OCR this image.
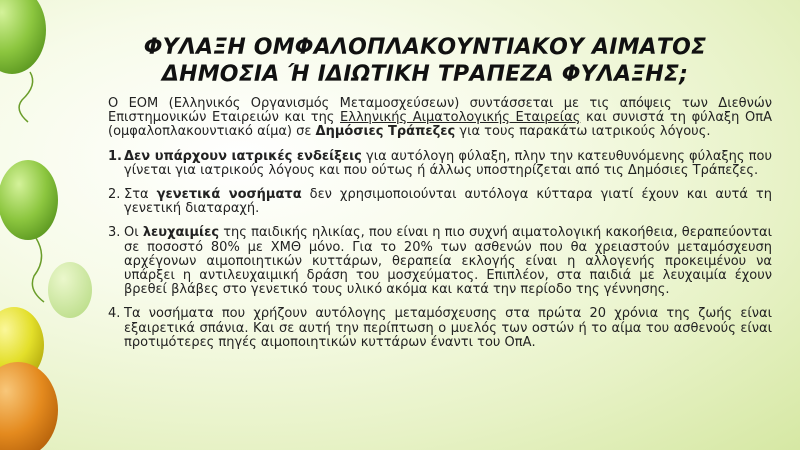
ΦΥΛΑΞΗ ΟΜΦΑΛΟΠΛΑΚΟΥΝΤΙΑΚΟΥ ΑΙΜΑΤΟΣ
ΔΗΜΟΣΙΑ Ή ΙΔΙΩΤΙΚΗ ΤΡΑΠΕΖΑ ΦΥΛΑΞΗΣ;

Ο ΕΟΜ (Ελληνικός Οργανισμός Μεταμοσχεύσεων) συντάσσεται με τις απόψεις των Διεθνών Επιστημονικών Εταιρειών και της Ελληνικής Αιματολογικής Εταιρείας και συνιστά τη φύλαξη ΟπΑ (ομφαλοπλακουντιακό αίμα) σε Δημόσιες Τράπεζες για τους παρακάτω ιατρικούς λόγους.

1. Δεν υπάρχουν ιατρικές ενδείξεις για αυτόλογη φύλαξη, πλην την κατευθυνόμενης φύλαξης που γίνεται για ιατρικούς λόγους και που ούτως ή άλλως υποστηρίζεται από τις Δημόσιες Τράπεζες.
2. Στα γενετικά νοσήματα δεν χρησιμοποιούνται αυτόλογα κύτταρα γιατί έχουν και αυτά τη γενετική διαταραχή.
3. Οι λευχαιμίες της παιδικής ηλικίας, που είναι η πιο συχνή αιματολογική κακοήθεια, θεραπεύονται σε ποσοστό 80% με ΧΜΘ μόνο. Για το 20% των ασθενών που θα χρειαστούν μεταμόσχευση αρχέγονων αιμοποιητικών κυττάρων, θεραπεία εκλογής είναι η αλλογενής προκειμένου να υπάρξει η αντιλευχαιμική δράση του μοσχεύματος. Επιπλέον, στα παιδιά με λευχαιμία έχουν βρεθεί βλάβες στο γενετικό τους υλικό ακόμα και κατά την περίοδο της γέννησης.
4. Τα νοσήματα που χρήζουν αυτόλογης μεταμόσχευσης στα πρώτα 20 χρόνια της ζωής είναι εξαιρετικά σπάνια. Και σε αυτή την περίπτωση ο μυελός των οστών ή το αίμα του ασθενούς είναι προτιμότερες πηγές αιμοποιητικών κυττάρων έναντι του ΟπΑ.
